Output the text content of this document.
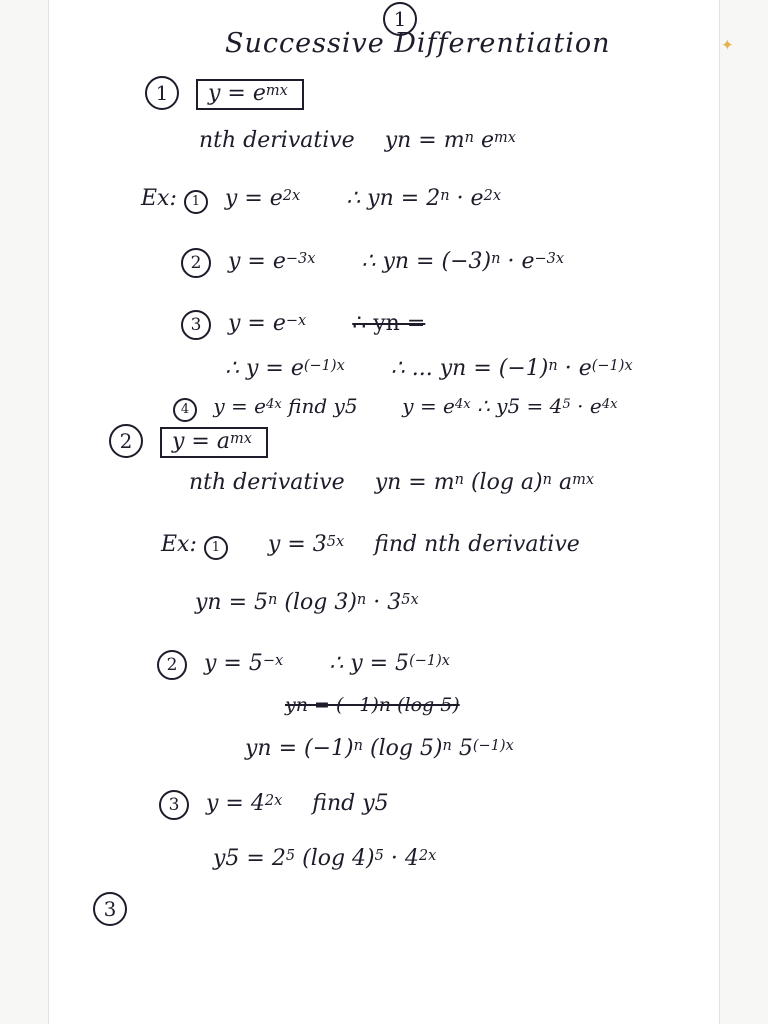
1
Successive Differentiation	✦
1 $y = e^{mx}$
nth derivative yn = $m^n$ $e^{mx}$
Ex: 1 $y = e^{2x}$ ∴ yn = $2^n \cdot e^{2x}$
2 $y = e^{-3x}$ ∴ yn = $(-3)^n \cdot e^{-3x}$
3 $y = e^{-x}$ ∴ yn =
∴ $y = e^{(-1)x}$ ∴ ... yn = $(-1)^n \cdot e^{(-1)x}$
4 $y = e^{4x}$ find y5 $y = e^{4x}$ ∴ $y5 = 4^5 \cdot e^{4x}$
2 $y = a^{mx}$
nth derivative yn = $m^n$ (log a)$^n$ $a^{mx}$
Ex: 1 $y = 3^{5x}$ find nth derivative
yn = $5^n$ (log $3)^n \cdot 3^{5x}$
2 $y = 5^{-x}$ ∴ $y = 5^{(-1)x}$
yn = (−1)n (log 5)
yn = $(-1)^n$ (log 5)$^n$ $5^{(-1)x}$
3 $y = 4^{2x}$ find y5
$y5 = 2^5$ (log $4)^5 \cdot 4^{2x}$
3
